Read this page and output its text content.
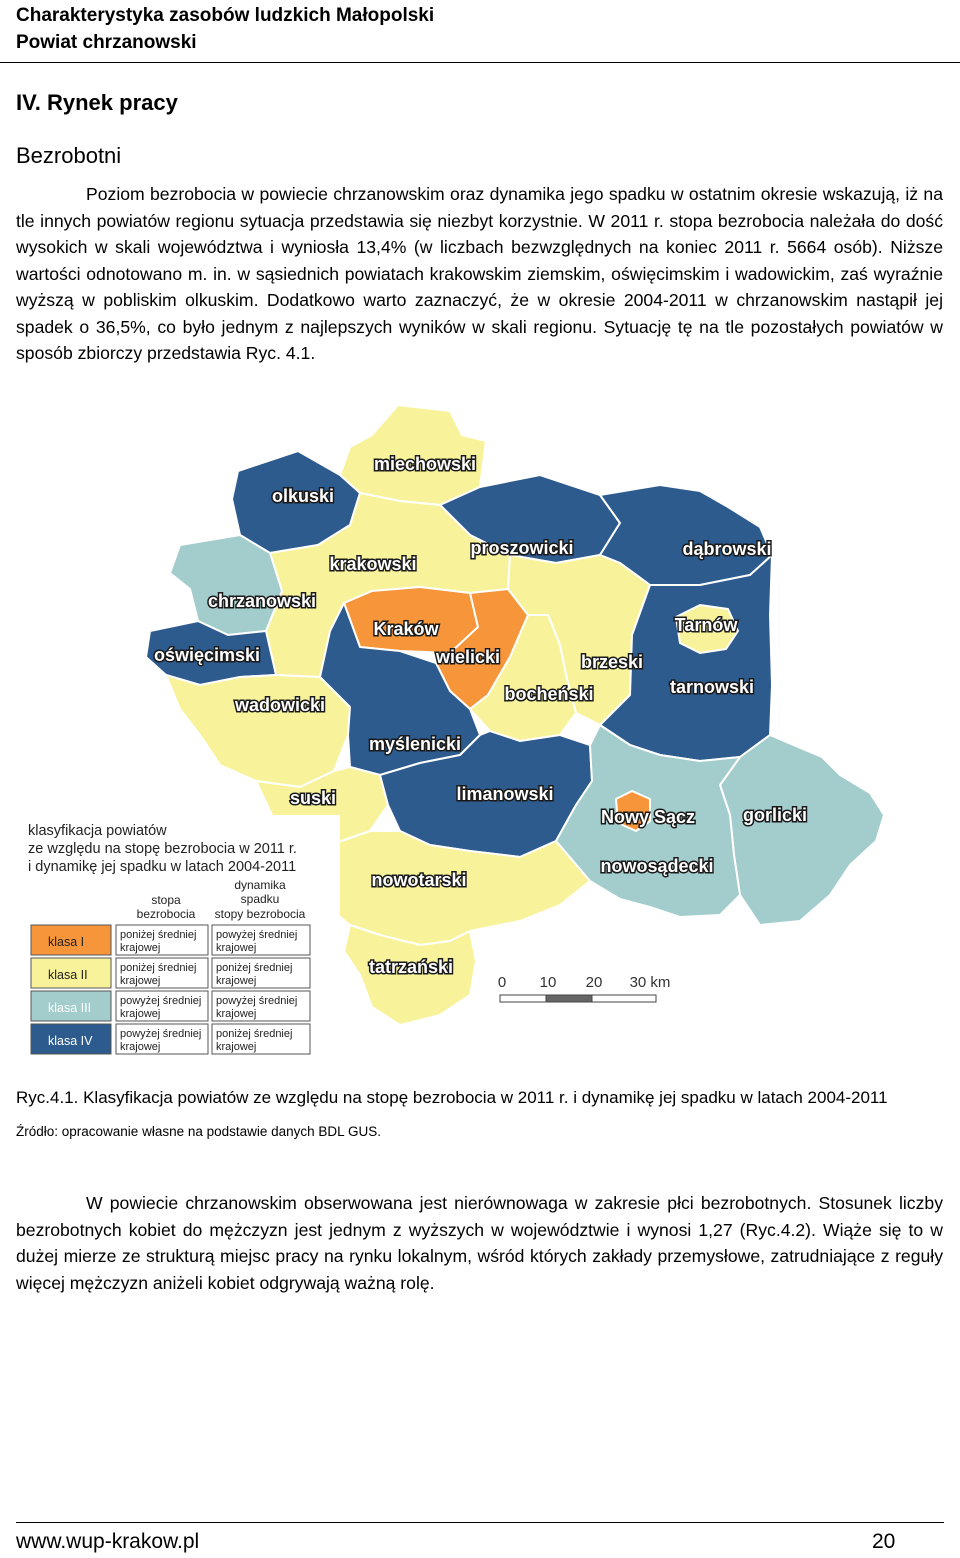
Charakterystyka zasobów ludzkich Małopolski
Powiat chrzanowski
IV. Rynek pracy
Bezrobotni

Poziom bezrobocia w powiecie chrzanowskim oraz dynamika jego spadku w ostatnim okresie wskazują, iż na tle innych powiatów regionu sytuacja przedstawia się niezbyt korzystnie. W 2011 r. stopa bezrobocia należała do dość wysokich w skali województwa i wyniosła 13,4% (w liczbach bezwzględnych na koniec 2011 r. 5664 osób). Niższe wartości odnotowano m. in. w sąsiednich powiatach krakowskim ziemskim, oświęcimskim i wadowickim, zaś wyraźnie wyższą w pobliskim olkuskim. Dodatkowo warto zaznaczyć, że w okresie 2004-2011 w chrzanowskim nastąpił jej spadek o 36,5%, co było jednym z najlepszych wyników w skali regionu. Sytuację tę na tle pozostałych powiatów w sposób zbiorczy przedstawia Ryc. 4.1.

miechowski
olkuski
proszowicki	dąbrowski
krakowski
chrzanowski
Kraków
wielicki
Tarnów
oświęcimski	brzeski
bocheński	tarnowski
wadowicki
myślenicki
suski	limanowski
Nowy Sącz	gorlicki
nowosądecki
nowotarski
tatrzański
klasyfikacja powiatów
ze względu na stopę bezrobocia w 2011 r.
i dynamikę jej spadku w latach 2004-2011
stopa
bezrobocia
dynamika
spadku
stopy bezrobocia
klasa I	poniżej średniej
krajowej
powyżej średniej
krajowej
klasa II	poniżej średniej
krajowej
poniżej średniej
krajowej
klasa III	powyżej średniej
krajowej
powyżej średniej
krajowej
klasa IV	powyżej średniej
krajowej
poniżej średniej
krajowej
0 10 20 30 km
Ryc.4.1. Klasyfikacja powiatów ze względu na stopę bezrobocia w 2011 r. i dynamikę jej spadku w latach 2004-2011
Źródło: opracowanie własne na podstawie danych BDL GUS.

W powiecie chrzanowskim obserwowana jest nierównowaga w zakresie płci bezrobotnych. Stosunek liczby bezrobotnych kobiet do mężczyzn jest jednym z wyższych w województwie i wynosi 1,27 (Ryc.4.2). Wiąże się to w dużej mierze ze strukturą miejsc pracy na rynku lokalnym, wśród których zakłady przemysłowe, zatrudniające z reguły więcej mężczyzn aniżeli kobiet odgrywają ważną rolę.

www.wup-krakow.pl	20
